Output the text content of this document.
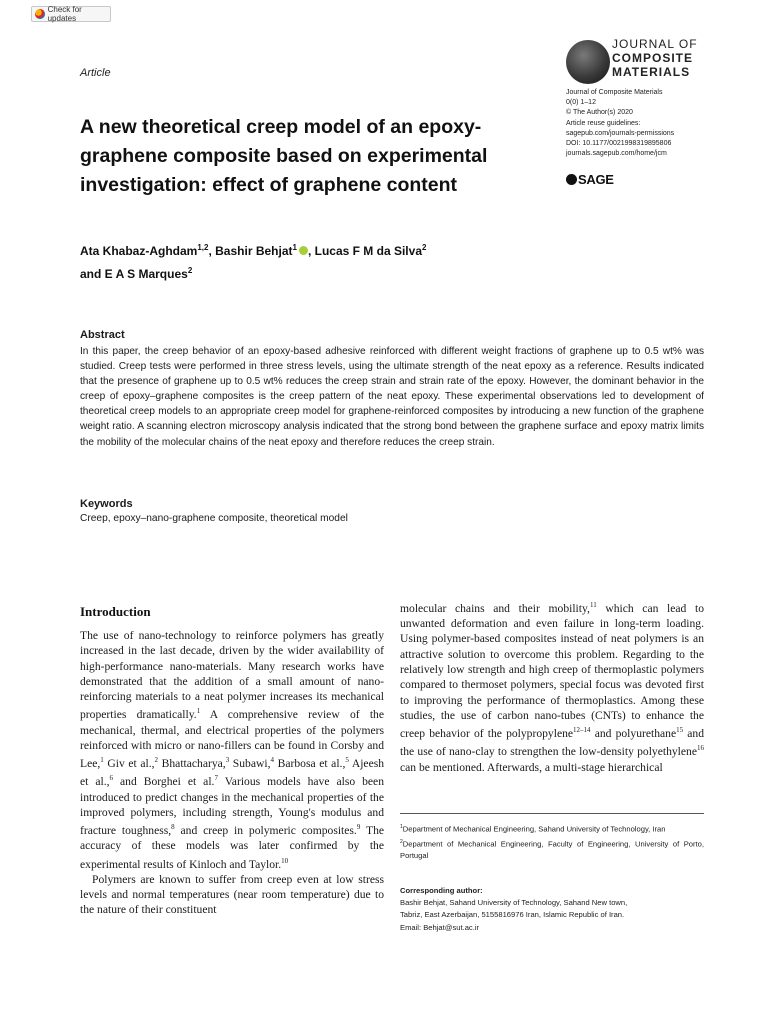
Check for updates
Article
JOURNAL OF
COMPOSITE
MATERIALS
Journal of Composite Materials
0(0) 1–12
© The Author(s) 2020
Article reuse guidelines:
sagepub.com/journals-permissions
DOI: 10.1177/0021998319895806
journals.sagepub.com/home/jcm
SAGE
A new theoretical creep model of an epoxy-graphene composite based on experimental investigation: effect of graphene content
Ata Khabaz-Aghdam$^{1,2}$, Bashir Behjat$^1$ , Lucas F M da Silva$^2$
and E A S Marques$^2$
Abstract
In this paper, the creep behavior of an epoxy-based adhesive reinforced with different weight fractions of graphene up to 0.5 wt% was studied. Creep tests were performed in three stress levels, using the ultimate strength of the neat epoxy as a reference. Results indicated that the presence of graphene up to 0.5 wt% reduces the creep strain and strain rate of the epoxy. However, the dominant behavior in the creep of epoxy–graphene composites is the creep pattern of the neat epoxy. These experimental observations led to development of theoretical creep models to an appropriate creep model for graphene-reinforced composites by introducing a new function of the graphene weight ratio. A scanning electron microscopy analysis indicated that the strong bond between the graphene surface and epoxy matrix limits the mobility of the molecular chains of the neat epoxy and therefore reduces the creep strain.
Keywords
Creep, epoxy–nano-graphene composite, theoretical model
Introduction

The use of nano-technology to reinforce polymers has greatly increased in the last decade, driven by the wider availability of high-performance nano-materials. Many research works have demonstrated that the addition of a small amount of nano-reinforcing materials to a neat polymer increases its mechanical properties dramatically.$^1$ A comprehensive review of the mechanical, thermal, and electrical properties of the polymers reinforced with micro or nano-fillers can be found in Corsby and Lee,$^1$ Giv et al.,$^2$ Bhattacharya,$^3$ Subawi,$^4$ Barbosa et al.,$^5$ Ajeesh et al.,$^6$ and Borghei et al.$^7$ Various models have also been introduced to predict changes in the mechanical properties of the improved polymers, including strength, Young's modulus and fracture toughness,$^8$ and creep in polymeric composites.$^9$ The accuracy of these models was later confirmed by the experimental results of Kinloch and Taylor.$^{10}$

Polymers are known to suffer from creep even at low stress levels and normal temperatures (near room temperature) due to the nature of their constituent

molecular chains and their mobility,$^{11}$ which can lead to unwanted deformation and even failure in long-term loading. Using polymer-based composites instead of neat polymers is an attractive solution to overcome this problem. Regarding to the relatively low strength and high creep of thermoplastic polymers compared to thermoset polymers, special focus was devoted first to improving the performance of thermoplastics. Among these studies, the use of carbon nano-tubes (CNTs) to enhance the creep behavior of the polypropylene$^{12-14}$ and polyurethane$^{15}$ and the use of nano-clay to strengthen the low-density polyethylene$^{16}$ can be mentioned. Afterwards, a multi-stage hierarchical

$^1$Department of Mechanical Engineering, Sahand University of Technology, Iran

$^2$Department of Mechanical Engineering, Faculty of Engineering, University of Porto, Portugal

Corresponding author:
Bashir Behjat, Sahand University of Technology, Sahand New town,
Tabriz, East Azerbaijan, 5155816976 Iran, Islamic Republic of Iran.
Email: Behjat@sut.ac.ir
